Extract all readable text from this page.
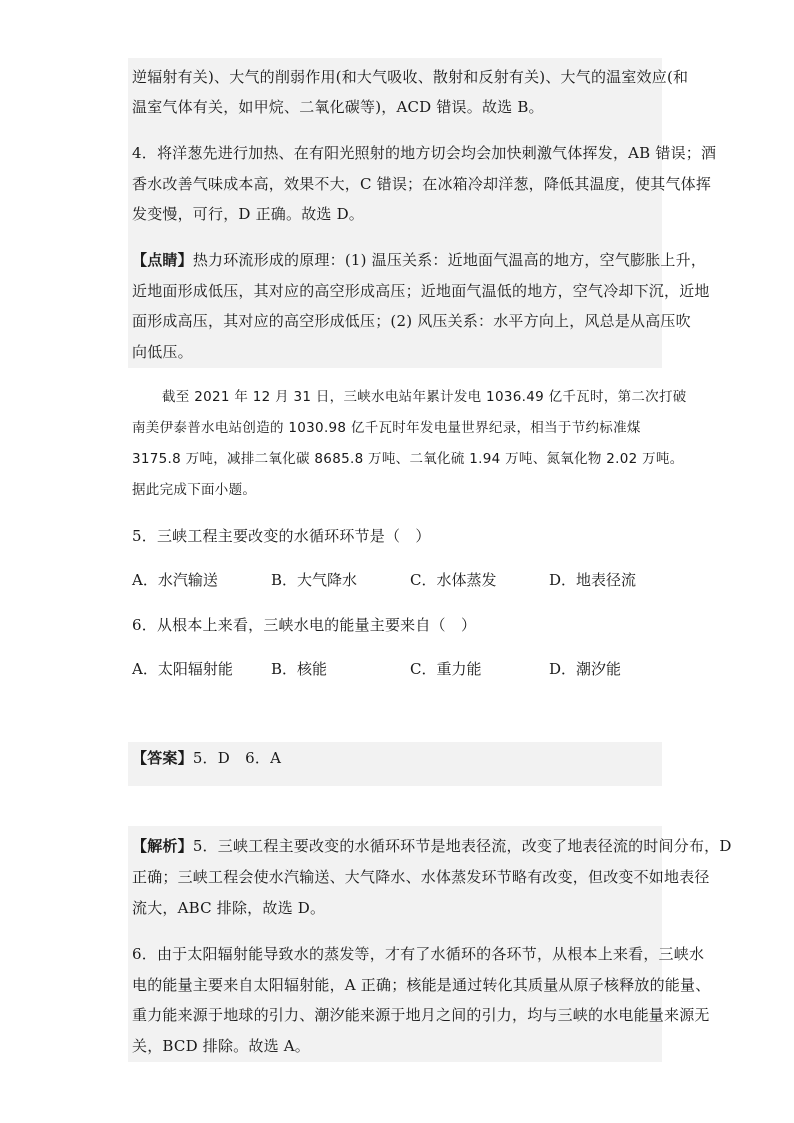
逆辐射有关)、大气的削弱作用(和大气吸收、散射和反射有关)、大气的温室效应(和
温室气体有关，如甲烷、二氧化碳等)，ACD 错误。故选 B。
4．将洋葱先进行加热、在有阳光照射的地方切会均会加快刺激气体挥发，AB 错误；酒
香水改善气味成本高，效果不大，C 错误；在冰箱冷却洋葱，降低其温度，使其气体挥
发变慢，可行，D 正确。故选 D。
【点睛】热力环流形成的原理：(1) 温压关系：近地面气温高的地方，空气膨胀上升，
近地面形成低压，其对应的高空形成高压；近地面气温低的地方，空气冷却下沉，近地
面形成高压，其对应的高空形成低压；(2) 风压关系：水平方向上，风总是从高压吹
向低压。
截至 2021 年 12 月 31 日，三峡水电站年累计发电 1036.49 亿千瓦时，第二次打破
南美伊泰普水电站创造的 1030.98 亿千瓦时年发电量世界纪录，相当于节约标准煤
3175.8 万吨，减排二氧化碳 8685.8 万吨、二氧化硫 1.94 万吨、氮氧化物 2.02 万吨。
据此完成下面小题。
5．三峡工程主要改变的水循环环节是（　）
A．水汽输送	B．大气降水	C．水体蒸发	D．地表径流
6．从根本上来看，三峡水电的能量主要来自（　）
A．太阳辐射能	B．核能	C．重力能	D．潮汐能
【答案】5．D　6．A
【解析】5．三峡工程主要改变的水循环环节是地表径流，改变了地表径流的时间分布，D
正确；三峡工程会使水汽输送、大气降水、水体蒸发环节略有改变，但改变不如地表径
流大，ABC 排除，故选 D。
6．由于太阳辐射能导致水的蒸发等，才有了水循环的各环节，从根本上来看，三峡水
电的能量主要来自太阳辐射能，A 正确；核能是通过转化其质量从原子核释放的能量、
重力能来源于地球的引力、潮汐能来源于地月之间的引力，均与三峡的水电能量来源无
关，BCD 排除。故选 A。
